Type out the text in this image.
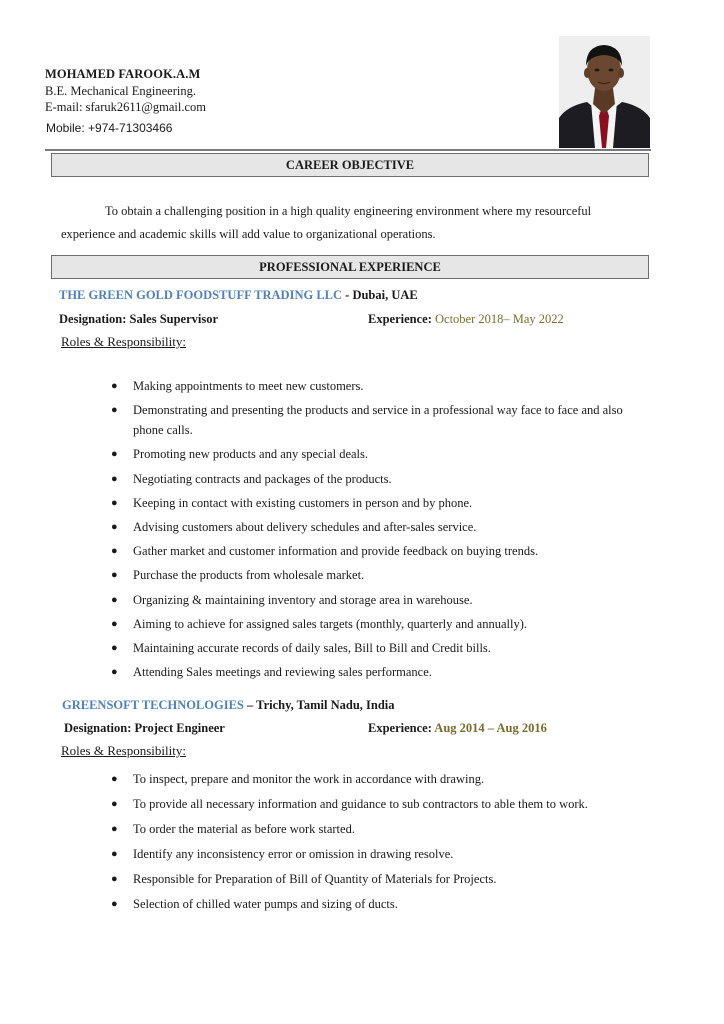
MOHAMED FAROOK.A.M
B.E. Mechanical Engineering.
E-mail: sfaruk2611@gmail.com
Mobile: +974-71303466
CAREER OBJECTIVE
To obtain a challenging position in a high quality engineering environment where my resourceful experience and academic skills will add value to organizational operations.
PROFESSIONAL EXPERIENCE
THE GREEN GOLD FOODSTUFF TRADING LLC - Dubai, UAE
Designation: Sales Supervisor	Experience: October 2018– May 2022
Roles & Responsibility:
● Making appointments to meet new customers.
● Demonstrating and presenting the products and service in a professional way face to face and also phone calls.
● Promoting new products and any special deals.
● Negotiating contracts and packages of the products.
● Keeping in contact with existing customers in person and by phone.
● Advising customers about delivery schedules and after-sales service.
● Gather market and customer information and provide feedback on buying trends.
● Purchase the products from wholesale market.
● Organizing & maintaining inventory and storage area in warehouse.
● Aiming to achieve for assigned sales targets (monthly, quarterly and annually).
● Maintaining accurate records of daily sales, Bill to Bill and Credit bills.
● Attending Sales meetings and reviewing sales performance.
GREENSOFT TECHNOLOGIES – Trichy, Tamil Nadu, India
Designation: Project Engineer	Experience: Aug 2014 – Aug 2016
Roles & Responsibility:
● To inspect, prepare and monitor the work in accordance with drawing.
● To provide all necessary information and guidance to sub contractors to able them to work.
● To order the material as before work started.
● Identify any inconsistency error or omission in drawing resolve.
● Responsible for Preparation of Bill of Quantity of Materials for Projects.
● Selection of chilled water pumps and sizing of ducts.
